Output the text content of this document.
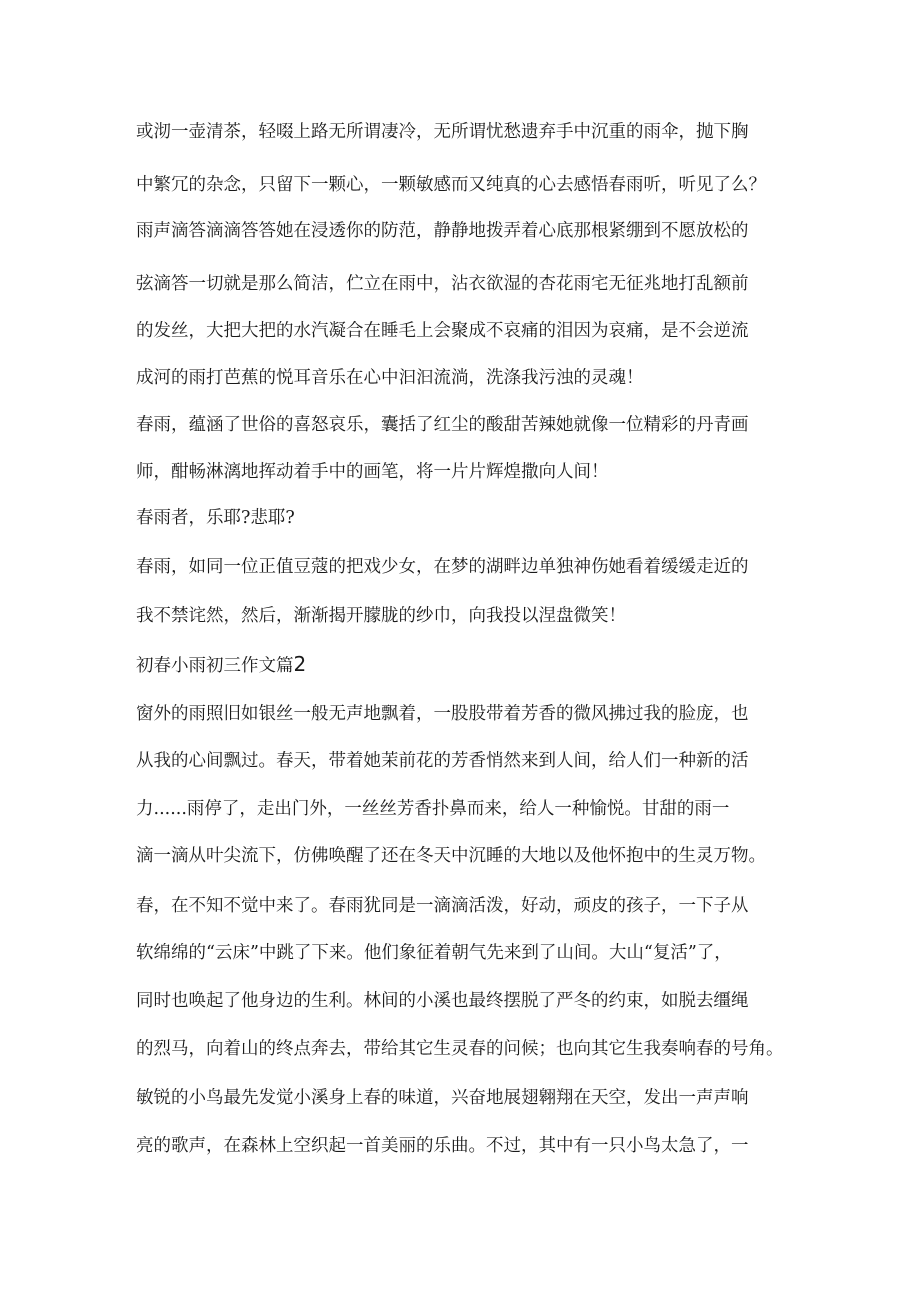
或沏一壶清茶，轻啜上路无所谓凄冷，无所谓忧愁遗弃手中沉重的雨伞，抛下胸
中繁冗的杂念，只留下一颗心，一颗敏感而又纯真的心去感悟春雨听，听见了么？
雨声滴答滴滴答答她在浸透你的防范，静静地拨弄着心底那根紧绷到不愿放松的
弦滴答一切就是那么简洁，伫立在雨中，沾衣欲湿的杏花雨宅无征兆地打乱额前
的发丝，大把大把的水汽凝合在睡毛上会聚成不哀痛的泪因为哀痛，是不会逆流
成河的雨打芭蕉的悦耳音乐在心中汩汩流淌，洗涤我污浊的灵魂！
春雨，蕴涵了世俗的喜怒哀乐，囊括了红尘的酸甜苦辣她就像一位精彩的丹青画
师，酣畅淋漓地挥动着手中的画笔，将一片片辉煌撒向人间！
春雨者，乐耶?悲耶?
春雨，如同一位正值豆蔻的把戏少女，在梦的湖畔边单独神伤她看着缓缓走近的
我不禁诧然，然后，渐渐揭开朦胧的纱巾，向我投以涅盘微笑！
初春小雨初三作文篇2
窗外的雨照旧如银丝一般无声地飘着，一股股带着芳香的微风拂过我的脸庞，也
从我的心间飘过。春天，带着她茉前花的芳香悄然来到人间，给人们一种新的活
力......雨停了，走出门外，一丝丝芳香扑鼻而来，给人一种愉悦。甘甜的雨一
滴一滴从叶尖流下，仿佛唤醒了还在冬天中沉睡的大地以及他怀抱中的生灵万物。
春，在不知不觉中来了。春雨犹同是一滴滴活泼，好动，顽皮的孩子，一下子从
软绵绵的“云床”中跳了下来。他们象征着朝气先来到了山间。大山“复活”了，
同时也唤起了他身边的生利。林间的小溪也最终摆脱了严冬的约束，如脱去缰绳
的烈马，向着山的终点奔去，带给其它生灵春的问候；也向其它生我奏响春的号角。
敏锐的小鸟最先发觉小溪身上春的味道，兴奋地展翅翱翔在天空，发出一声声响
亮的歌声，在森林上空织起一首美丽的乐曲。不过，其中有一只小鸟太急了，一
